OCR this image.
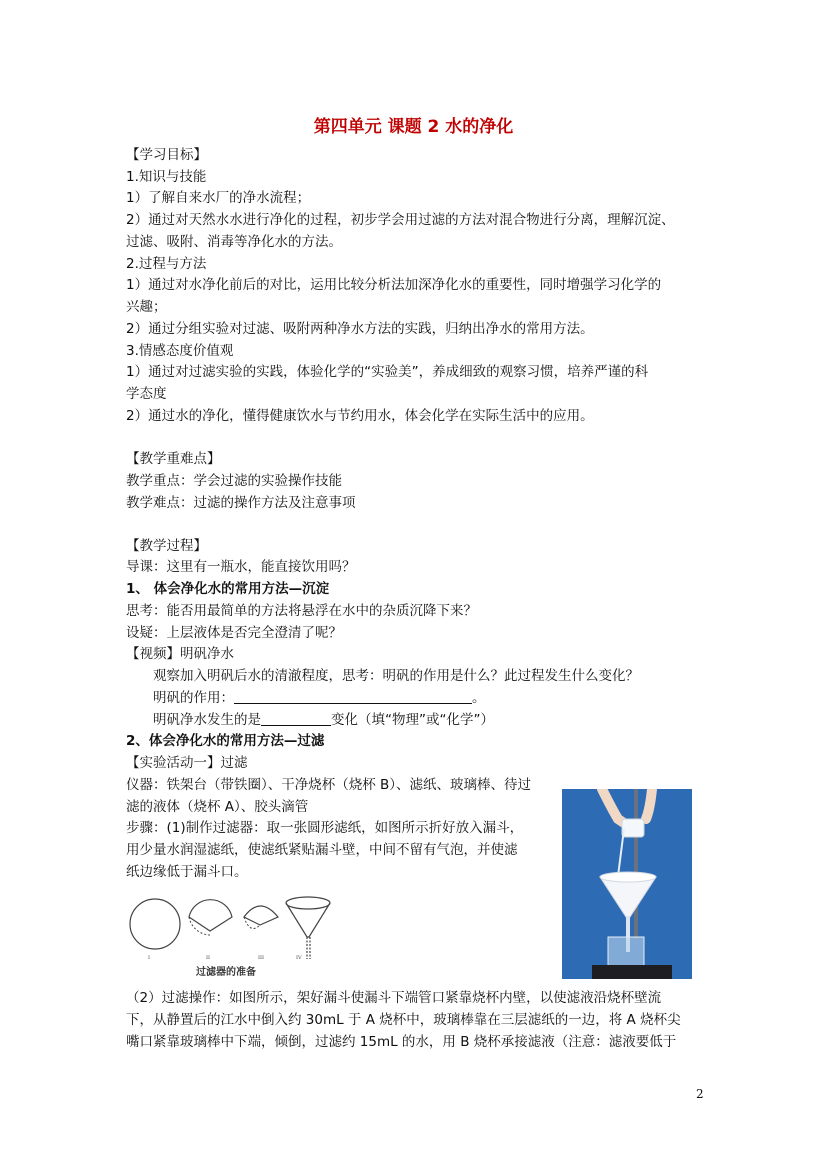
第四单元 课题 2 水的净化
【学习目标】
1.知识与技能
1）了解自来水厂的净水流程；
2）通过对天然水水进行净化的过程，初步学会用过滤的方法对混合物进行分离，理解沉淀、
过滤、吸附、消毒等净化水的方法。
2.过程与方法
1）通过对水净化前后的对比，运用比较分析法加深净化水的重要性，同时增强学习化学的
兴趣；
2）通过分组实验对过滤、吸附两种净水方法的实践，归纳出净水的常用方法。
3.情感态度价值观
1）通过对过滤实验的实践，体验化学的“实验美”，养成细致的观察习惯，培养严谨的科
学态度
2）通过水的净化，懂得健康饮水与节约用水，体会化学在实际生活中的应用。
【教学重难点】
教学重点：学会过滤的实验操作技能
教学难点：过滤的操作方法及注意事项
【教学过程】
导课：这里有一瓶水，能直接饮用吗？
1、 体会净化水的常用方法—沉淀
思考：能否用最简单的方法将悬浮在水中的杂质沉降下来？
设疑：上层液体是否完全澄清了呢？
【视频】明矾净水
观察加入明矾后水的清澈程度，思考：明矾的作用是什么？此过程发生什么变化？
明矾的作用：	。
明矾净水发生的是	变化（填“物理”或“化学”）
2、体会净化水的常用方法—过滤
【实验活动一】过滤
仪器：铁架台（带铁圈）、干净烧杯（烧杯 B）、滤纸、玻璃棒、待过
滤的液体（烧杯 A）、胶头滴管
步骤：(1)制作过滤器：取一张圆形滤纸，如图所示折好放入漏斗，
用少量水润湿滤纸，使滤纸紧贴漏斗壁，中间不留有气泡，并使滤
纸边缘低于漏斗口。
I	II	III	IV
过滤器的准备
（2）过滤操作：如图所示，架好漏斗使漏斗下端管口紧靠烧杯内壁，以使滤液沿烧杯壁流
下，从静置后的江水中倒入约 30mL 于 A 烧杯中，玻璃棒靠在三层滤纸的一边，将 A 烧杯尖
嘴口紧靠玻璃棒中下端，倾倒，过滤约 15mL 的水，用 B 烧杯承接滤液（注意：滤液要低于
2
